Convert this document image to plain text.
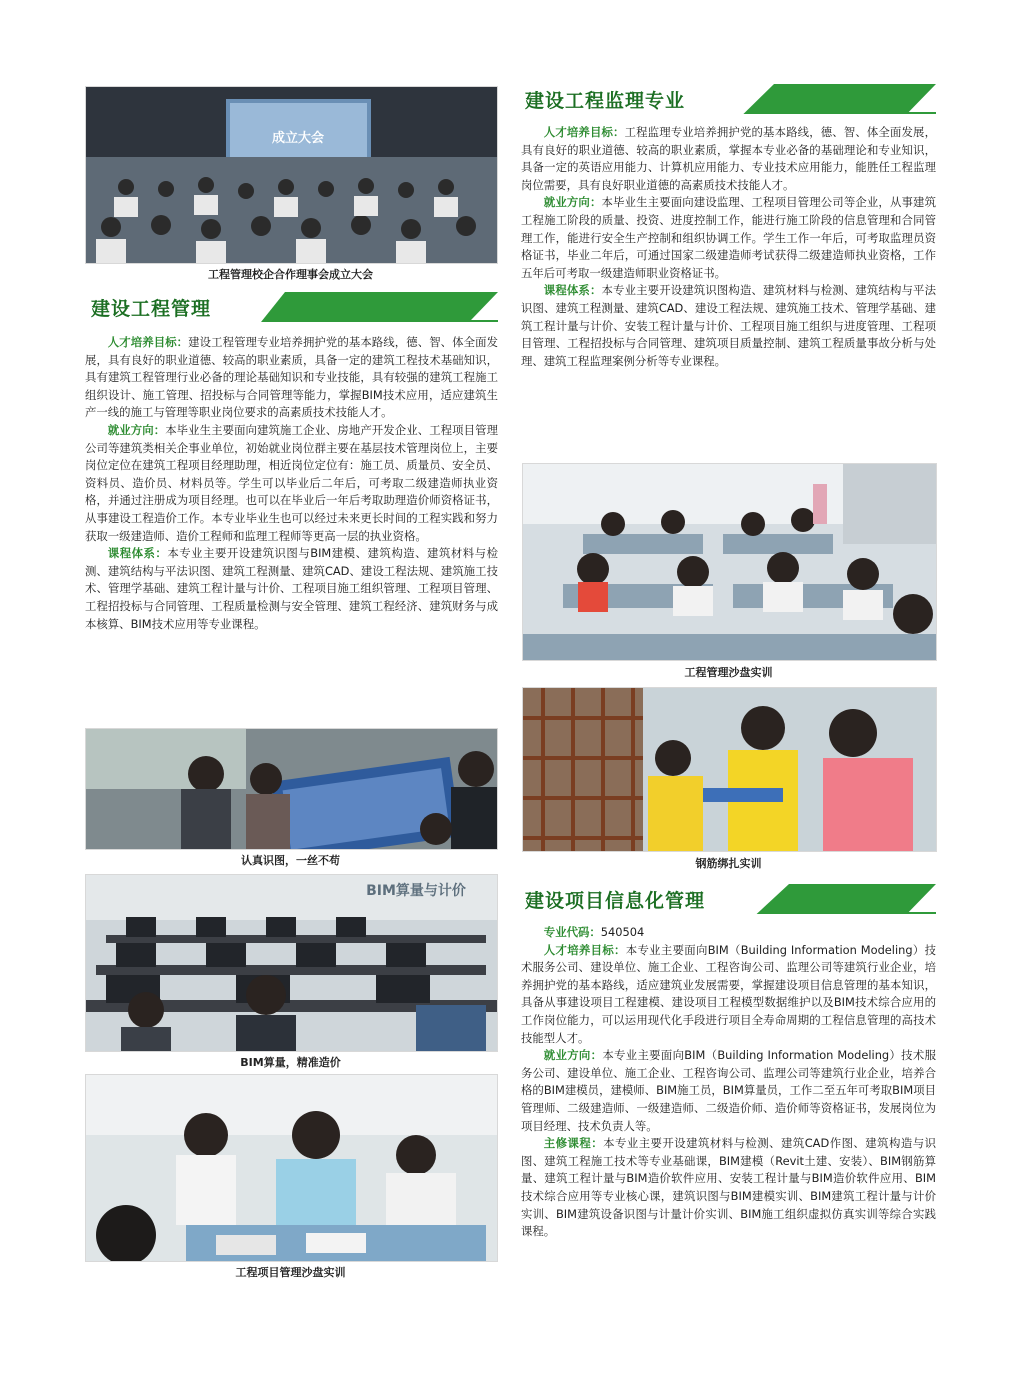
成立大会
工程管理校企合作理事会成立大会
建设工程管理

人才培养目标：建设工程管理专业培养拥护党的基本路线，德、智、体全面发展，具有良好的职业道德、较高的职业素质，具备一定的建筑工程技术基础知识，具有建筑工程管理行业必备的理论基础知识和专业技能，具有较强的建筑工程施工组织设计、施工管理、招投标与合同管理等能力，掌握BIM技术应用，适应建筑生产一线的施工与管理等职业岗位要求的高素质技术技能人才。

就业方向：本毕业生主要面向建筑施工企业、房地产开发企业、工程项目管理公司等建筑类相关企事业单位，初始就业岗位群主要在基层技术管理岗位上，主要岗位定位在建筑工程项目经理助理，相近岗位定位有：施工员、质量员、安全员、资料员、造价员、材料员等。学生可以毕业后二年后，可考取二级建造师执业资格，并通过注册成为项目经理。也可以在毕业后一年后考取助理造价师资格证书，从事建设工程造价工作。本专业毕业生也可以经过未来更长时间的工程实践和努力获取一级建造师、造价工程师和监理工程师等更高一层的执业资格。

课程体系：本专业主要开设建筑识图与BIM建模、建筑构造、建筑材料与检测、建筑结构与平法识图、建筑工程测量、建筑CAD、建设工程法规、建筑施工技术、管理学基础、建筑工程计量与计价、工程项目施工组织管理、工程项目管理、工程招投标与合同管理、工程质量检测与安全管理、建筑工程经济、建筑财务与成本核算、BIM技术应用等专业课程。

认真识图，一丝不苟
BIM算量与计价
BIM算量，精准造价
工程项目管理沙盘实训
建设工程监理专业

人才培养目标：工程监理专业培养拥护党的基本路线，德、智、体全面发展，具有良好的职业道德、较高的职业素质，掌握本专业必备的基础理论和专业知识，具备一定的英语应用能力、计算机应用能力、专业技术应用能力，能胜任工程监理岗位需要，具有良好职业道德的高素质技术技能人才。

就业方向：本毕业生主要面向建设监理、工程项目管理公司等企业，从事建筑工程施工阶段的质量、投资、进度控制工作，能进行施工阶段的信息管理和合同管理工作，能进行安全生产控制和组织协调工作。学生工作一年后，可考取监理员资格证书，毕业二年后，可通过国家二级建造师考试获得二级建造师执业资格，工作五年后可考取一级建造师职业资格证书。

课程体系：本专业主要开设建筑识图构造、建筑材料与检测、建筑结构与平法识图、建筑工程测量、建筑CAD、建设工程法规、建筑施工技术、管理学基础、建筑工程计量与计价、安装工程计量与计价、工程项目施工组织与进度管理、工程项目管理、工程招投标与合同管理、建筑项目质量控制、建筑工程质量事故分析与处理、建筑工程监理案例分析等专业课程。

工程管理沙盘实训
钢筋绑扎实训
建设项目信息化管理

专业代码：540504

人才培养目标：本专业主要面向BIM（Building Information Modeling）技术服务公司、建设单位、施工企业、工程咨询公司、监理公司等建筑行业企业，培养拥护党的基本路线，适应建筑业发展需要，掌握建设项目信息管理的基本知识，具备从事建设项目工程建模、建设项目工程模型数据维护以及BIM技术综合应用的工作岗位能力，可以运用现代化手段进行项目全寿命周期的工程信息管理的高技术技能型人才。

就业方向：本专业主要面向BIM（Building Information Modeling）技术服务公司、建设单位、施工企业、工程咨询公司、监理公司等建筑行业企业，培养合格的BIM建模员，建模师、BIM施工员，BIM算量员，工作二至五年可考取BIM项目管理师、二级建造师、一级建造师、二级造价师、造价师等资格证书，发展岗位为项目经理、技术负责人等。

主修课程：本专业主要开设建筑材料与检测、建筑CAD作图、建筑构造与识图、建筑工程施工技术等专业基础课，BIM建模（Revit土建、安装）、BIM钢筋算量、建筑工程计量与BIM造价软件应用、安装工程计量与BIM造价软件应用、BIM技术综合应用等专业核心课，建筑识图与BIM建模实训、BIM建筑工程计量与计价实训、BIM建筑设备识图与计量计价实训、BIM施工组织虚拟仿真实训等综合实践课程。
